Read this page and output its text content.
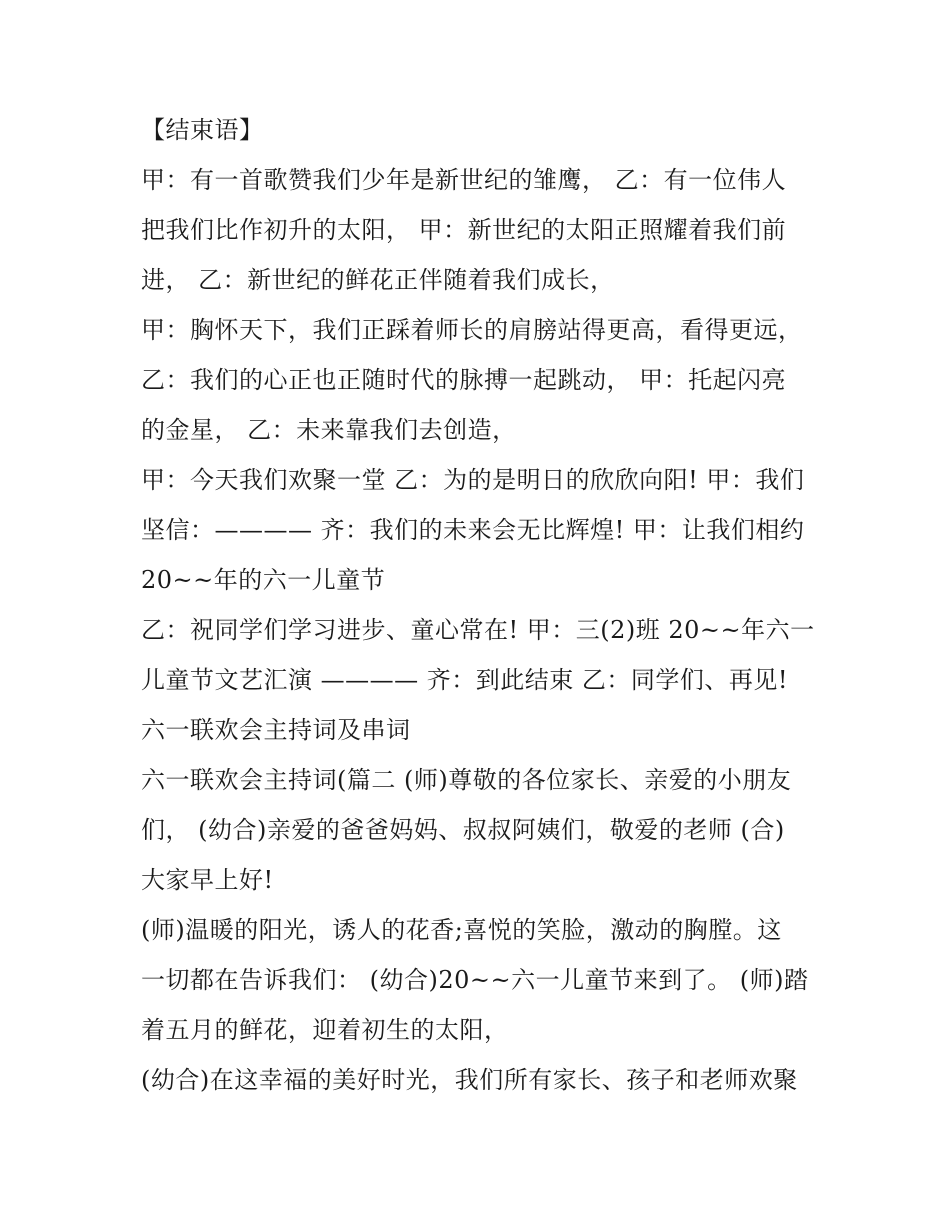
【结束语】
甲：有一首歌赞我们少年是新世纪的雏鹰， 乙：有一位伟人
把我们比作初升的太阳， 甲：新世纪的太阳正照耀着我们前
进， 乙：新世纪的鲜花正伴随着我们成长，
甲：胸怀天下，我们正踩着师长的肩膀站得更高，看得更远，
乙：我们的心正也正随时代的脉搏一起跳动， 甲：托起闪亮
的金星， 乙：未来靠我们去创造，
甲：今天我们欢聚一堂 乙：为的是明日的欣欣向阳! 甲：我们
坚信：———— 齐：我们的未来会无比辉煌! 甲：让我们相约
20~~年的六一儿童节
乙：祝同学们学习进步、童心常在! 甲：三(2)班 20~~年六一
儿童节文艺汇演 ———— 齐：到此结束 乙：同学们、再见!
六一联欢会主持词及串词
六一联欢会主持词(篇二 (师)尊敬的各位家长、亲爱的小朋友
们， (幼合)亲爱的爸爸妈妈、叔叔阿姨们，敬爱的老师 (合)
大家早上好!
(师)温暖的阳光，诱人的花香;喜悦的笑脸，激动的胸膛。这
一切都在告诉我们： (幼合)20~~六一儿童节来到了。 (师)踏
着五月的鲜花，迎着初生的太阳，
(幼合)在这幸福的美好时光，我们所有家长、孩子和老师欢聚
